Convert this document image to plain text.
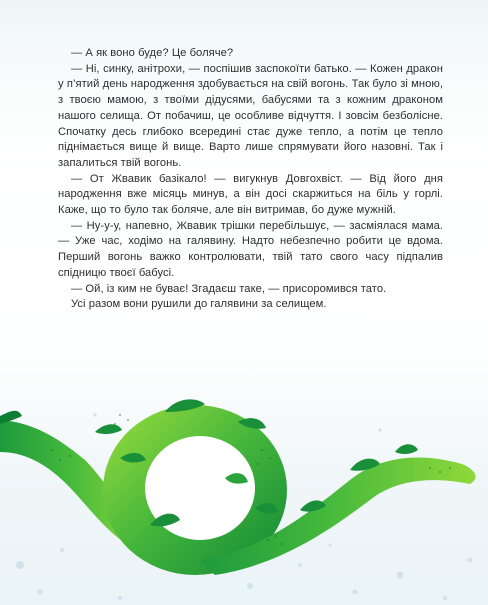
— А як воно буде? Це боляче?

— Ні, синку, анітрохи, — поспішив заспокоїти батько. — Кожен дракон у п’ятий день народження здобувається на свій вогонь. Так було зі мною, з твоєю мамою, з твоїми дідусями, бабусями та з кожним драконом нашого селища. От побачиш, це особливе відчуття. І зовсім безболісне. Спочатку десь глибоко всередині стає дуже тепло, а потім це тепло піднімається вище й вище. Варто лише спрямувати його назовні. Так і запалиться твій вогонь.

— От Жвавик базікало! — вигукнув Довгохвіст. — Від його дня народження вже місяць минув, а він досі скаржиться на біль у горлі. Каже, що то було так боляче, але він витримав, бо дуже мужній.

— Ну-у-у, напевно, Жвавик трішки перебільшує, — засміялася мама. — Уже час, ходімо на галявину. Надто небезпечно робити це вдома. Перший вогонь важко контролювати, твій тато свого часу підпалив спідницю твоєї бабусі.

— Ой, із ким не буває! Згадаєш таке, — присоромився тато.

Усі разом вони рушили до галявини за селищем.
